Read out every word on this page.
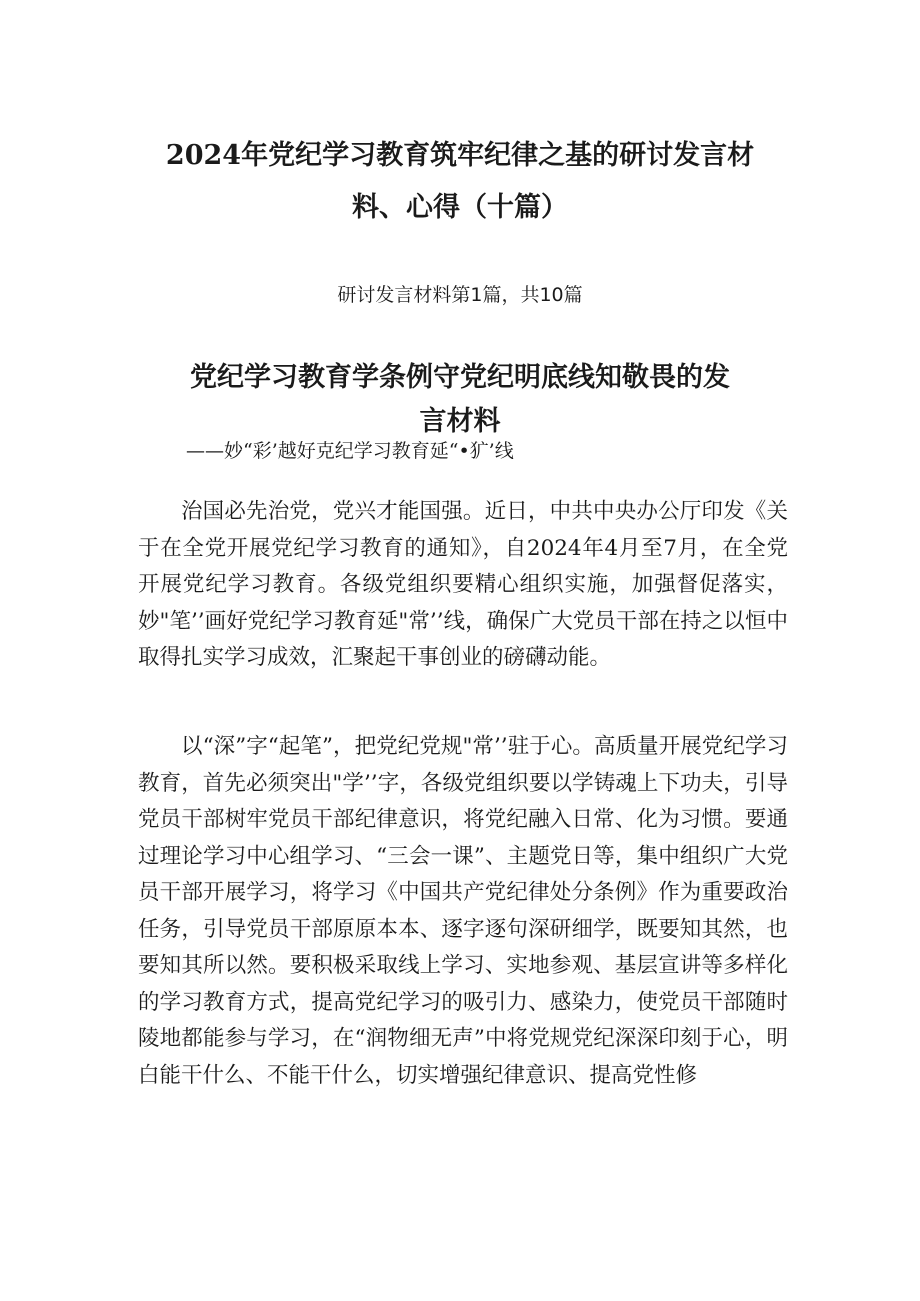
2024年党纪学习教育筑牢纪律之基的研讨发言材
料、心得（十篇）
研讨发言材料第1篇，共10篇
党纪学习教育学条例守党纪明底线知敬畏的发
言材料
——妙“彩’越好克纪学习教育延“•犷’线

治国必先治党，党兴才能国强。近日，中共中央办公厅印发《关于在全党开展党纪学习教育的通知》，自2024年4月至7月，在全党开展党纪学习教育。各级党组织要精心组织实施，加强督促落实，妙"笔’’画好党纪学习教育延"常’’线，确保广大党员干部在持之以恒中取得扎实学习成效，汇聚起干事创业的磅礴动能。

以“深”字“起笔”，把党纪党规"常’’驻于心。高质量开展党纪学习教育，首先必须突出"学’’字，各级党组织要以学铸魂上下功夫，引导党员干部树牢党员干部纪律意识，将党纪融入日常、化为习惯。要通过理论学习中心组学习、“三会一课”、主题党日等，集中组织广大党员干部开展学习，将学习《中国共产党纪律处分条例》作为重要政治任务，引导党员干部原原本本、逐字逐句深研细学，既要知其然，也要知其所以然。要积极采取线上学习、实地参观、基层宣讲等多样化的学习教育方式，提高党纪学习的吸引力、感染力，使党员干部随时陵地都能参与学习，在“润物细无声”中将党规党纪深深印刻于心，明白能干什么、不能干什么，切实增强纪律意识、提高党性修
